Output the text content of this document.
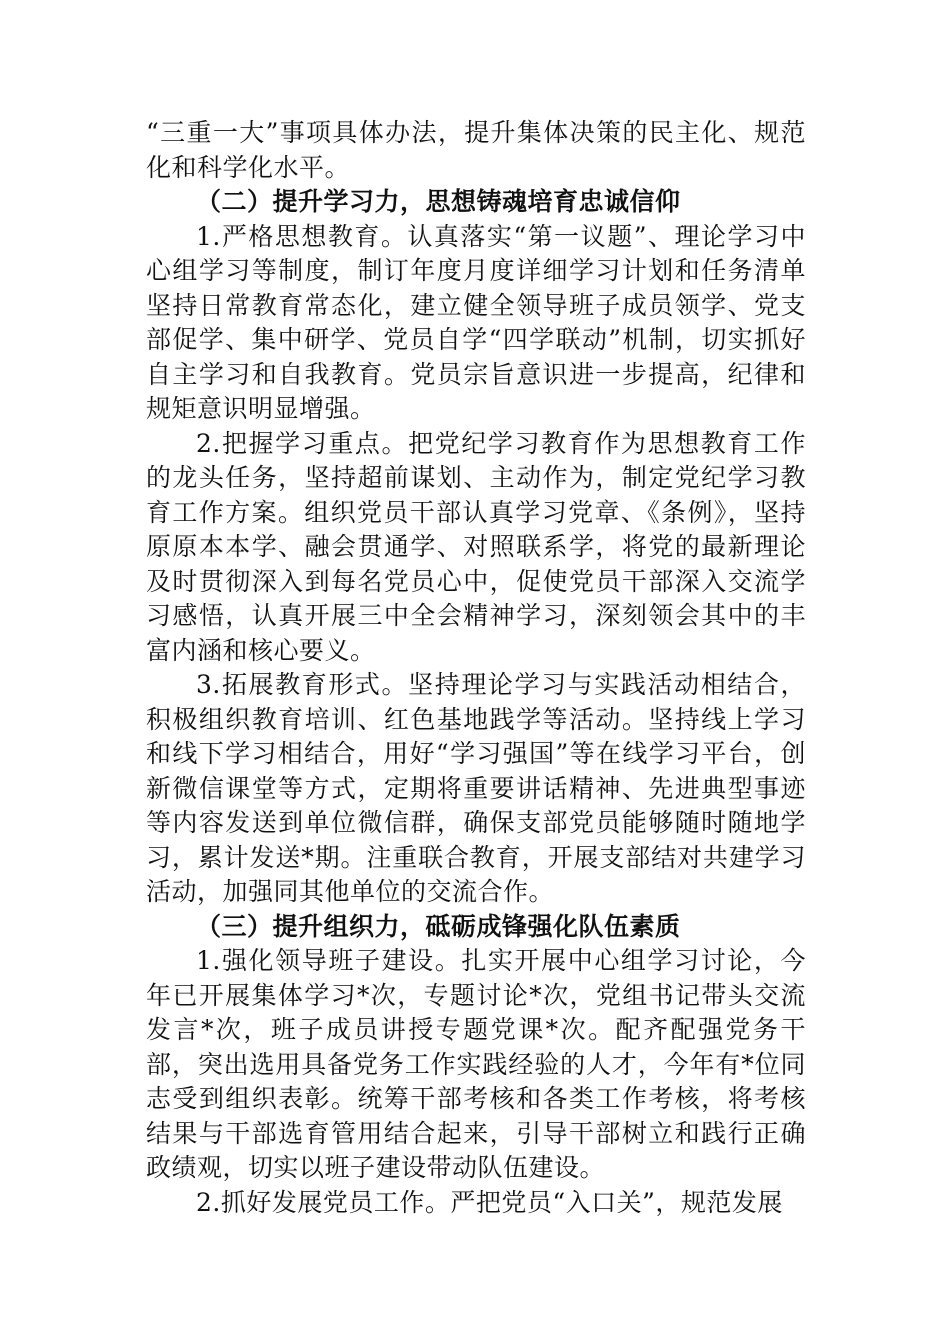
“三重一大”事项具体办法，提升集体决策的民主化、规范化和科学化水平。

（二）提升学习力，思想铸魂培育忠诚信仰

1.严格思想教育。认真落实“第一议题”、理论学习中心组学习等制度，制订年度月度详细学习计划和任务清单坚持日常教育常态化，建立健全领导班子成员领学、党支部促学、集中研学、党员自学“四学联动”机制，切实抓好自主学习和自我教育。党员宗旨意识进一步提高，纪律和规矩意识明显增强。

2.把握学习重点。把党纪学习教育作为思想教育工作的龙头任务，坚持超前谋划、主动作为，制定党纪学习教育工作方案。组织党员干部认真学习党章、《条例》，坚持原原本本学、融会贯通学、对照联系学，将党的最新理论及时贯彻深入到每名党员心中，促使党员干部深入交流学习感悟，认真开展三中全会精神学习，深刻领会其中的丰富内涵和核心要义。

3.拓展教育形式。坚持理论学习与实践活动相结合，积极组织教育培训、红色基地践学等活动。坚持线上学习和线下学习相结合，用好“学习强国”等在线学习平台，创新微信课堂等方式，定期将重要讲话精神、先进典型事迹等内容发送到单位微信群，确保支部党员能够随时随地学习，累计发送*期。注重联合教育，开展支部结对共建学习活动，加强同其他单位的交流合作。

（三）提升组织力，砥砺成锋强化队伍素质

1.强化领导班子建设。扎实开展中心组学习讨论，今年已开展集体学习*次，专题讨论*次，党组书记带头交流发言*次，班子成员讲授专题党课*次。配齐配强党务干部，突出选用具备党务工作实践经验的人才，今年有*位同志受到组织表彰。统筹干部考核和各类工作考核，将考核结果与干部选育管用结合起来，引导干部树立和践行正确政绩观，切实以班子建设带动队伍建设。

2.抓好发展党员工作。严把党员“入口关”，规范发展
